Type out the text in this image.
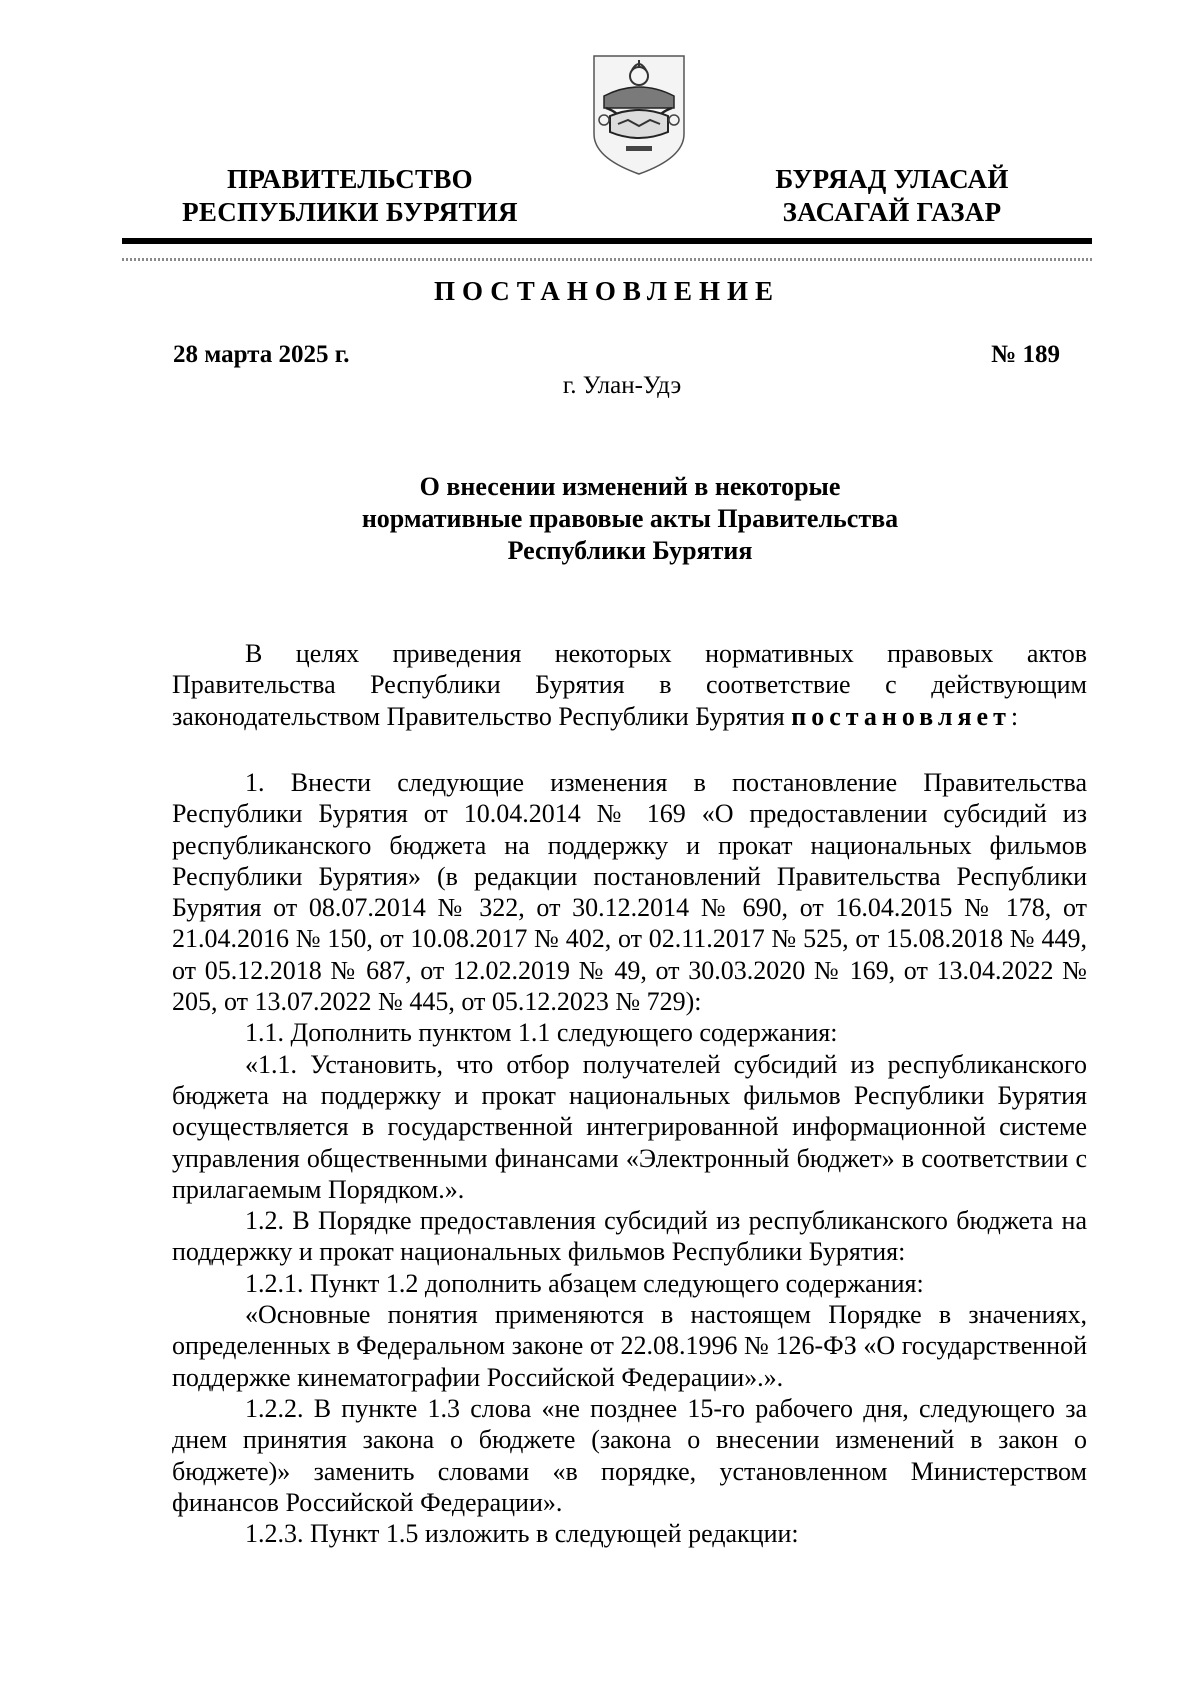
ПРАВИТЕЛЬСТВО
РЕСПУБЛИКИ БУРЯТИЯ
БУРЯАД УЛАСАЙ
ЗАСАГАЙ ГАЗАР
ПОСТАНОВЛЕНИЕ
28 марта 2025 г.	№ 189
г. Улан-Удэ
О внесении изменений в некоторые
нормативные правовые акты Правительства
Республики Бурятия

В целях приведения некоторых нормативных правовых актов Правительства Республики Бурятия в соответствие с действующим законодательством Правительство Республики Бурятия постановляет:

1. Внести следующие изменения в постановление Правительства Республики Бурятия от 10.04.2014 № 169 «О предоставлении субсидий из республиканского бюджета на поддержку и прокат национальных фильмов Республики Бурятия» (в редакции постановлений Правительства Республики Бурятия от 08.07.2014 № 322, от 30.12.2014 № 690, от 16.04.2015 № 178, от 21.04.2016 № 150, от 10.08.2017 № 402, от 02.11.2017 № 525, от 15.08.2018 № 449, от 05.12.2018 № 687, от 12.02.2019 № 49, от 30.03.2020 № 169, от 13.04.2022 № 205, от 13.07.2022 № 445, от 05.12.2023 № 729):

1.1. Дополнить пунктом 1.1 следующего содержания:

«1.1. Установить, что отбор получателей субсидий из республиканского бюджета на поддержку и прокат национальных фильмов Республики Бурятия осуществляется в государственной интегрированной информационной системе управления общественными финансами «Электронный бюджет» в соответствии с прилагаемым Порядком.».

1.2. В Порядке предоставления субсидий из республиканского бюджета на поддержку и прокат национальных фильмов Республики Бурятия:

1.2.1. Пункт 1.2 дополнить абзацем следующего содержания:

«Основные понятия применяются в настоящем Порядке в значениях, определенных в Федеральном законе от 22.08.1996 № 126-ФЗ «О государственной поддержке кинематографии Российской Федерации».».

1.2.2. В пункте 1.3 слова «не позднее 15-го рабочего дня, следующего за днем принятия закона о бюджете (закона о внесении изменений в закон о бюджете)» заменить словами «в порядке, установленном Министерством финансов Российской Федерации».

1.2.3. Пункт 1.5 изложить в следующей редакции:
